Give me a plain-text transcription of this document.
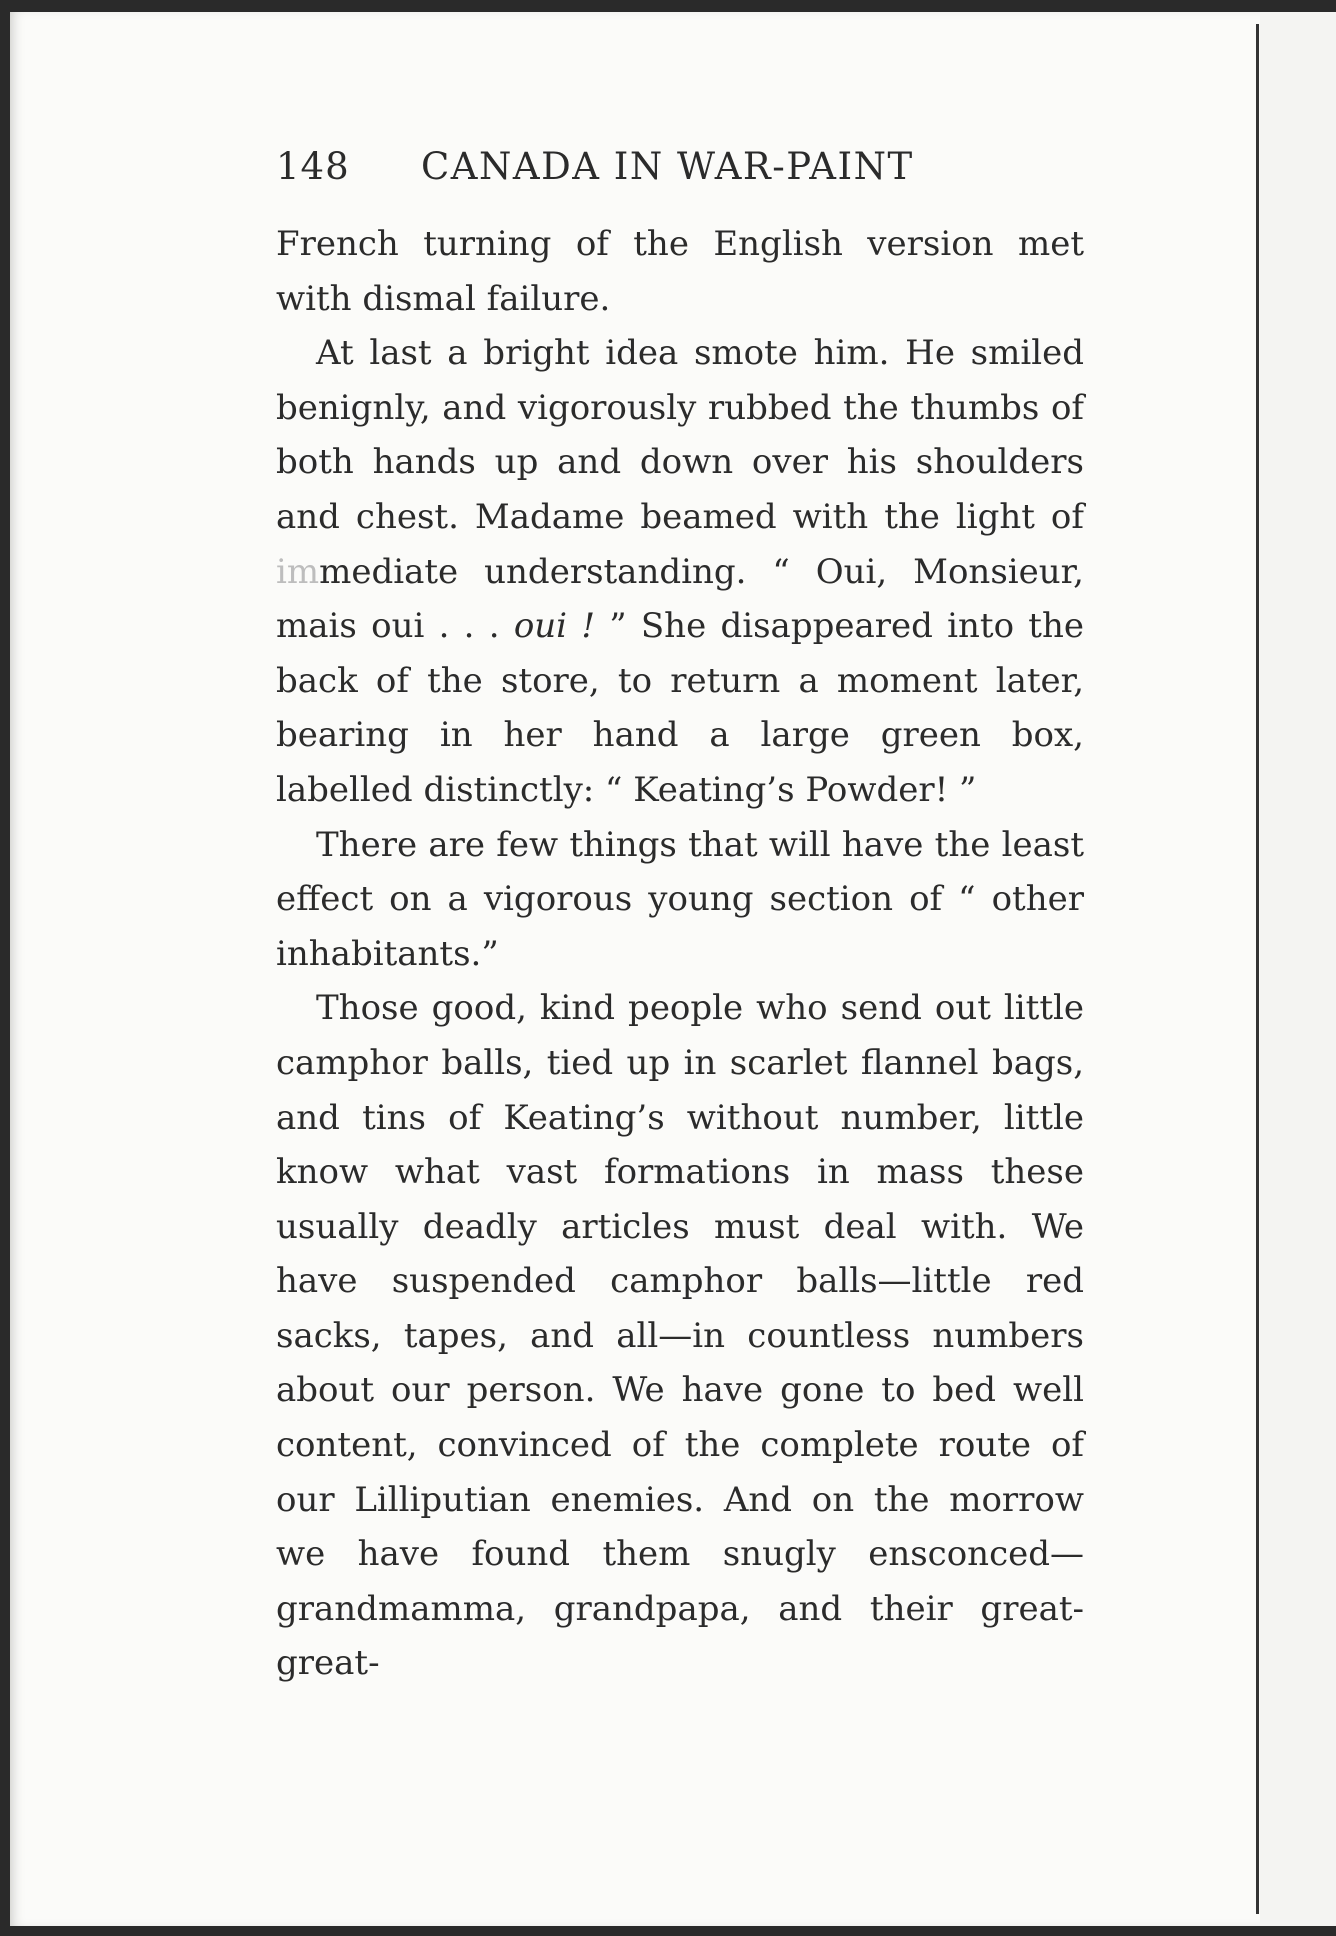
148	CANADA IN WAR-PAINT

French turning of the English version met with dismal failure.

At last a bright idea smote him. He smiled benignly, and vigorously rubbed the thumbs of both hands up and down over his shoulders and chest. Madame beamed with the light of immediate understanding. “ Oui, Monsieur, mais oui . . . oui ! ” She disappeared into the back of the store, to return a moment later, bearing in her hand a large green box, labelled distinctly: “ Keating’s Powder! ”

There are few things that will have the least effect on a vigorous young section of “ other inhabitants.”

Those good, kind people who send out little camphor balls, tied up in scarlet flannel bags, and tins of Keating’s without number, little know what vast formations in mass these usually deadly articles must deal with. We have suspended camphor balls—little red sacks, tapes, and all—in countless numbers about our person. We have gone to bed well content, convinced of the complete route of our Lilliputian enemies. And on the morrow we have found them snugly ensconced—grandmamma, grandpapa, and their great-great-
